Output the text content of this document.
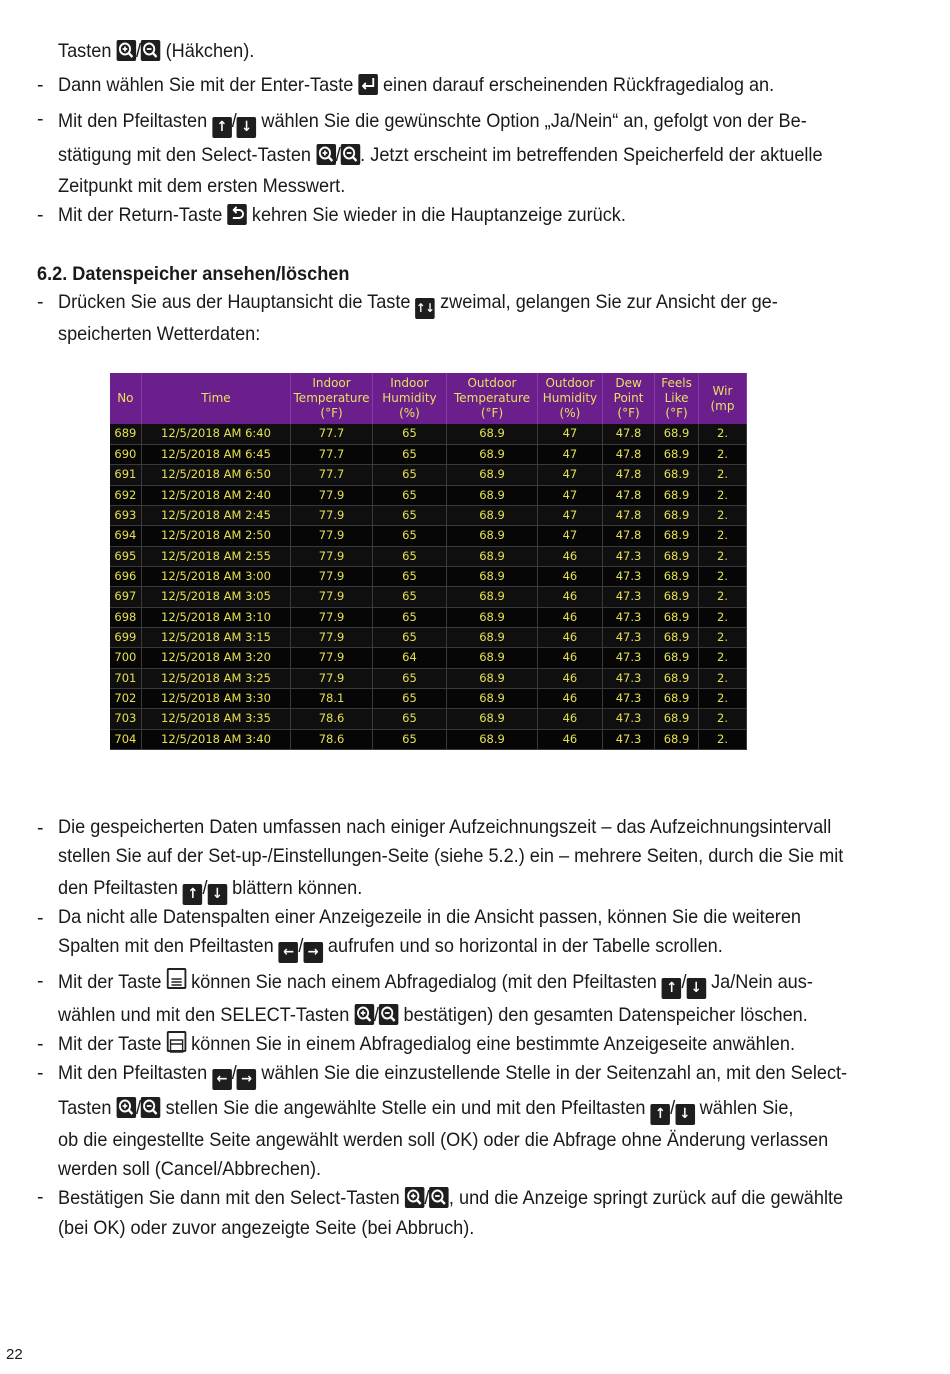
Tasten / (Häkchen).
- Dann wählen Sie mit der Enter-Taste einen darauf erscheinenden Rückfragedialog an.
- Mit den Pfeiltasten ↑ / ↓ wählen Sie die gewünschte Option „Ja/Nein“ an, gefolgt von der Be-
stätigung mit den Select-Tasten / . Jetzt erscheint im betreffenden Speicherfeld der aktuelle
Zeitpunkt mit dem ersten Messwert.
- Mit der Return-Taste kehren Sie wieder in die Hauptanzeige zurück.
6.2. Datenspeicher ansehen/löschen
- Drücken Sie aus der Hauptansicht die Taste ↑↓ zweimal, gelangen Sie zur Ansicht der ge-
speicherten Wetterdaten:
No	Time	Indoor Temperature (°F)	Indoor Humidity (%)	Outdoor Temperature (°F)	Outdoor Humidity (%)	Dew Point (°F)	Feels Like (°F)	Wir (mp
689	12/5/2018 AM 6:40	77.7	65	68.9	47	47.8	68.9	2.
690	12/5/2018 AM 6:45	77.7	65	68.9	47	47.8	68.9	2.
691	12/5/2018 AM 6:50	77.7	65	68.9	47	47.8	68.9	2.
692	12/5/2018 AM 2:40	77.9	65	68.9	47	47.8	68.9	2.
693	12/5/2018 AM 2:45	77.9	65	68.9	47	47.8	68.9	2.
694	12/5/2018 AM 2:50	77.9	65	68.9	47	47.8	68.9	2.
695	12/5/2018 AM 2:55	77.9	65	68.9	46	47.3	68.9	2.
696	12/5/2018 AM 3:00	77.9	65	68.9	46	47.3	68.9	2.
697	12/5/2018 AM 3:05	77.9	65	68.9	46	47.3	68.9	2.
698	12/5/2018 AM 3:10	77.9	65	68.9	46	47.3	68.9	2.
699	12/5/2018 AM 3:15	77.9	65	68.9	46	47.3	68.9	2.
700	12/5/2018 AM 3:20	77.9	64	68.9	46	47.3	68.9	2.
701	12/5/2018 AM 3:25	77.9	65	68.9	46	47.3	68.9	2.
702	12/5/2018 AM 3:30	78.1	65	68.9	46	47.3	68.9	2.
703	12/5/2018 AM 3:35	78.6	65	68.9	46	47.3	68.9	2.
704	12/5/2018 AM 3:40	78.6	65	68.9	46	47.3	68.9	2.
- Die gespeicherten Daten umfassen nach einiger Aufzeichnungszeit – das Aufzeichnungsintervall
stellen Sie auf der Set-up-/Einstellungen-Seite (siehe 5.2.) ein – mehrere Seiten, durch die Sie mit
den Pfeiltasten ↑ / ↓ blättern können.
- Da nicht alle Datenspalten einer Anzeigezeile in die Ansicht passen, können Sie die weiteren
Spalten mit den Pfeiltasten ← / → aufrufen und so horizontal in der Tabelle scrollen.
- Mit der Taste können Sie nach einem Abfragedialog (mit den Pfeiltasten ↑ / ↓ Ja/Nein aus-
wählen und mit den SELECT-Tasten / bestätigen) den gesamten Datenspeicher löschen.
- Mit der Taste können Sie in einem Abfragedialog eine bestimmte Anzeigeseite anwählen.
- Mit den Pfeiltasten ← / → wählen Sie die einzustellende Stelle in der Seitenzahl an, mit den Select-
Tasten / stellen Sie die angewählte Stelle ein und mit den Pfeiltasten ↑ / ↓ wählen Sie,
ob die eingestellte Seite angewählt werden soll (OK) oder die Abfrage ohne Änderung verlassen
werden soll (Cancel/Abbrechen).
- Bestätigen Sie dann mit den Select-Tasten / , und die Anzeige springt zurück auf die gewählte
(bei OK) oder zuvor angezeigte Seite (bei Abbruch).
22
